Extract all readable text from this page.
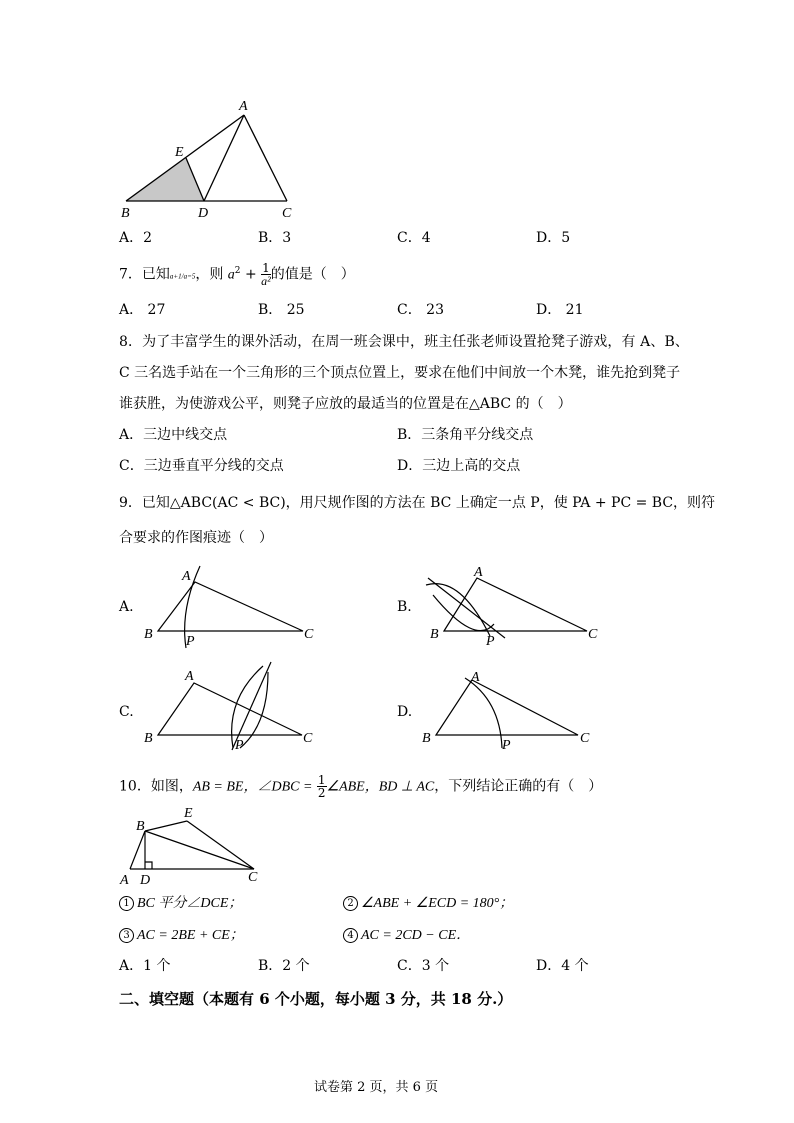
A
E
B	D	C
A．2	B．3	C．4	D．5
7．已知a+1/a=5，则 $a^2 + \frac{1}{\text{a²}}$ 的值是（　）
A． 27	B． 25	C． 23	D． 21
8．为了丰富学生的课外活动，在周一班会课中，班主任张老师设置抢凳子游戏，有 A、B、
C 三名选手站在一个三角形的三个顶点位置上，要求在他们中间放一个木凳，谁先抢到凳子
谁获胜，为使游戏公平，则凳子应放的最适当的位置是在△ABC 的（　）
A．三边中线交点	B．三条角平分线交点
C．三边垂直平分线的交点	D．三边上高的交点
9．已知△ABC(AC < BC)，用尺规作图的方法在 BC 上确定一点 P，使 PA + PC = BC，则符
合要求的作图痕迹（　）
A.	B.
C.	D.
A
B P	C
A
B	P	C
A
B	P	C
A
B	P	C
10．如图，AB = BE，∠DBC = $\frac{1}{2}$ ∠ABE，BD ⊥ AC，下列结论正确的有（　）
E
B
A D	C
1 BC 平分∠DCE；	2 ∠ABE + ∠ECD = 180°；
3 AC = 2BE + CE；	4 AC = 2CD − CE．
A．1 个	B．2 个	C．3 个	D．4 个
二、填空题（本题有 6 个小题，每小题 3 分，共 18 分.）
试卷第 2 页，共 6 页
